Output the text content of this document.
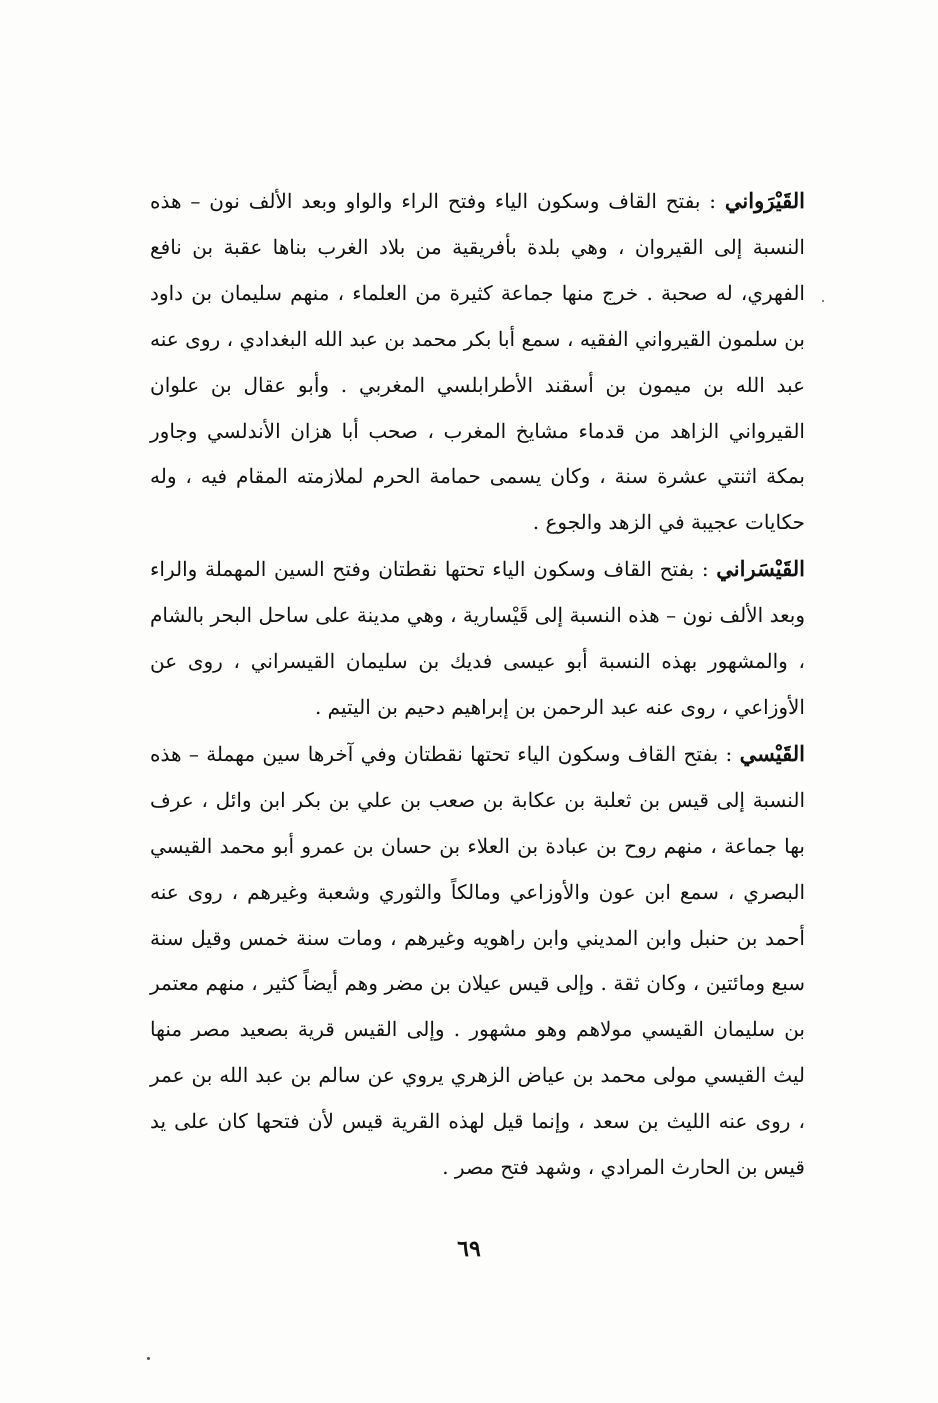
القَيْرَواني : بفتح القاف وسكون الياء وفتح الراء والواو وبعد الألف نون – هذه النسبة إلى القيروان ، وهي بلدة بأفريقية من بلاد الغرب بناها عقبة بن نافع الفهري، له صحبة . خرج منها جماعة كثيرة من العلماء ، منهم سليمان بن داود بن سلمون القيرواني الفقيه ، سمع أبا بكر محمد بن عبد الله البغدادي ، روى عنه عبد الله بن ميمون بن أسقند الأطرابلسي المغربي . وأبو عقال بن علوان القيرواني الزاهد من قدماء مشايخ المغرب ، صحب أبا هزان الأندلسي وجاور بمكة اثنتي عشرة سنة ، وكان يسمى حمامة الحرم لملازمته المقام فيه ، وله حكايات عجيبة في الزهد والجوع .

القَيْسَراني : بفتح القاف وسكون الياء تحتها نقطتان وفتح السين المهملة والراء وبعد الألف نون – هذه النسبة إلى قَيْسارية ، وهي مدينة على ساحل البحر بالشام ، والمشهور بهذه النسبة أبو عيسى فديك بن سليمان القيسراني ، روى عن الأوزاعي ، روى عنه عبد الرحمن بن إبراهيم دحيم بن اليتيم .

القَيْسي : بفتح القاف وسكون الياء تحتها نقطتان وفي آخرها سين مهملة – هذه النسبة إلى قيس بن ثعلبة بن عكابة بن صعب بن علي بن بكر ابن وائل ، عرف بها جماعة ، منهم روح بن عبادة بن العلاء بن حسان بن عمرو أبو محمد القيسي البصري ، سمع ابن عون والأوزاعي ومالكاً والثوري وشعبة وغيرهم ، روى عنه أحمد بن حنبل وابن المديني وابن راهويه وغيرهم ، ومات سنة خمس وقيل سنة سبع ومائتين ، وكان ثقة . وإلى قيس عيلان بن مضر وهم أيضاً كثير ، منهم معتمر بن سليمان القيسي مولاهم وهو مشهور . وإلى القيس قرية بصعيد مصر منها ليث القيسي مولى محمد بن عياض الزهري يروي عن سالم بن عبد الله بن عمر ، روى عنه الليث بن سعد ، وإنما قيل لهذه القرية قيس لأن فتحها كان على يد قيس بن الحارث المرادي ، وشهد فتح مصر .

٦٩
